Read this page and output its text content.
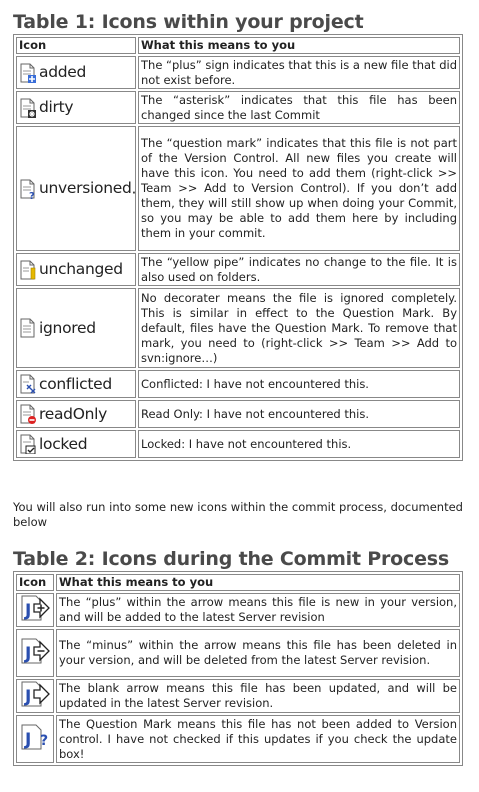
Table 1: Icons within your project
Icon	What this means to you
added	The “plus” sign indicates that this is a new file that did not exist before.
dirty	The “asterisk” indicates that this file has been changed since the last Commit

? unversioned.	The “question mark” indicates that this file is not part of the Version Control. All new files you create will have this icon. You need to add them (right-click >> Team >> Add to Version Control). If you don’t add them, they will still show up when doing your Commit, so you may be able to add them here by including them in your commit.
unchanged	The “yellow pipe” indicates no change to the file. It is also used on folders.
ignored	No decorater means the file is ignored completely. This is similar in effect to the Question Mark. By default, files have the Question Mark. To remove that mark, you need to (right-click >> Team >> Add to svn:ignore…)
conflicted	Conflicted: I have not encountered this.
readOnly	Read Only: I have not encountered this.
locked	Locked: I have not encountered this.

You will also run into some new icons within the commit process, documented below

Table 2: Icons during the Commit Process
Icon	What this means to you

J	The “plus” within the arrow means this file is new in your version, and will be added to the latest Server revision

J	The “minus” within the arrow means this file has been deleted in your version, and will be deleted from the latest Server revision.

J	The blank arrow means this file has been updated, and will be updated in the latest Server revision.

J ?	The Question Mark means this file has not been added to Version control. I have not checked if this updates if you check the update box!
